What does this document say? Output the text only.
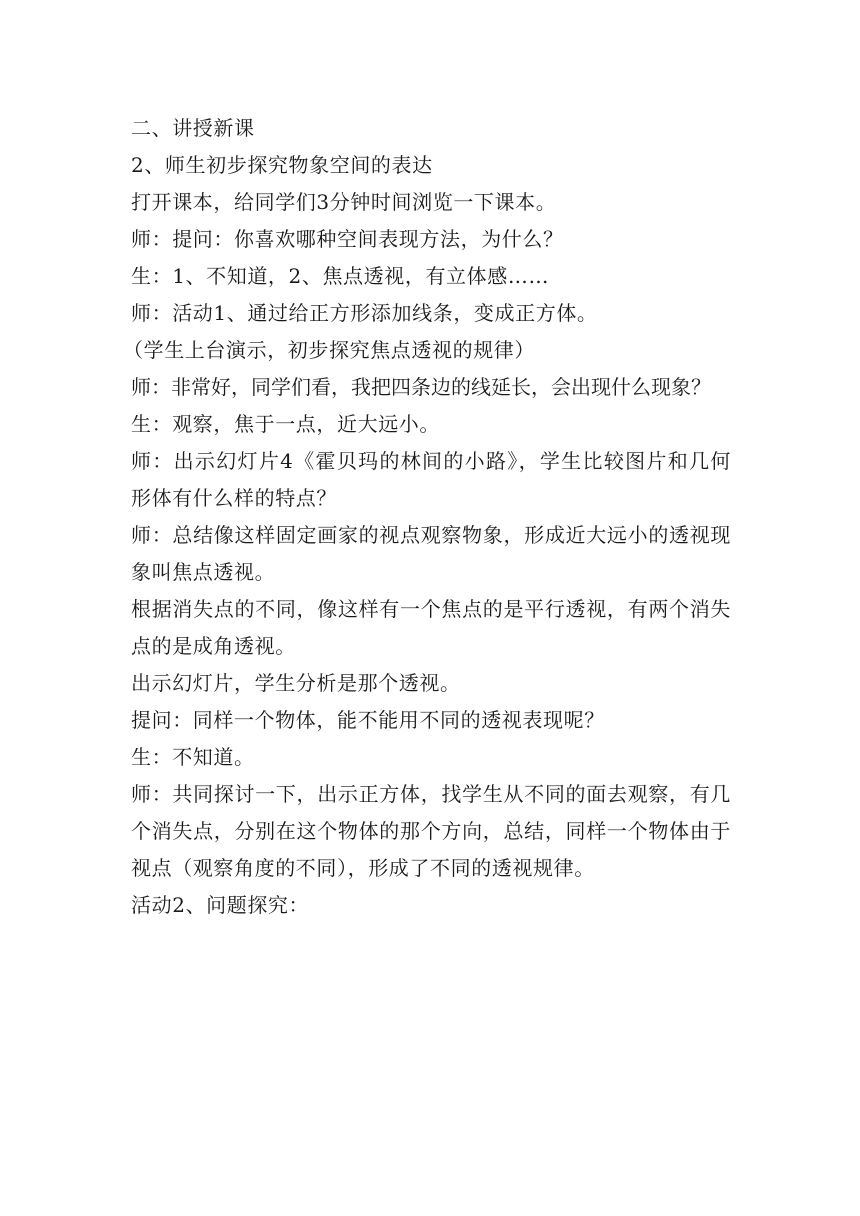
二、讲授新课

2、师生初步探究物象空间的表达

打开课本，给同学们3分钟时间浏览一下课本。

师：提问：你喜欢哪种空间表现方法，为什么？

生：1、不知道，2、焦点透视，有立体感……

师：活动1、通过给正方形添加线条，变成正方体。

（学生上台演示，初步探究焦点透视的规律）

师：非常好，同学们看，我把四条边的线延长，会出现什么现象？

生：观察，焦于一点，近大远小。

师：出示幻灯片4《霍贝玛的林间的小路》，学生比较图片和几何形体有什么样的特点？

师：总结像这样固定画家的视点观察物象，形成近大远小的透视现象叫焦点透视。

根据消失点的不同，像这样有一个焦点的是平行透视，有两个消失点的是成角透视。

出示幻灯片，学生分析是那个透视。

提问：同样一个物体，能不能用不同的透视表现呢？

生：不知道。

师：共同探讨一下，出示正方体，找学生从不同的面去观察，有几个消失点，分别在这个物体的那个方向，总结，同样一个物体由于视点（观察角度的不同），形成了不同的透视规律。

活动2、问题探究：
